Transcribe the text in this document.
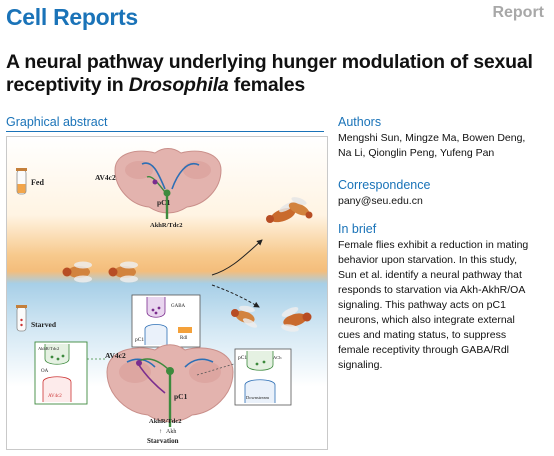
Cell Reports	Report
A neural pathway underlying hunger modulation of sexual receptivity in Drosophila females
Graphical abstract
Fed
AV4c2
pC1
AkhR/Tdc2
GABA
pC1	Rdl
Starved
AV4c2
pC1
AkhR/Tdc2
↑ Akh
Starvation
AkhR/Tdc2
OA
AV4c2
pC1	ACh
Downstream
Authors
Mengshi Sun, Mingze Ma, Bowen Deng,
Na Li, Qionglin Peng, Yufeng Pan
Correspondence
pany@seu.edu.cn
In brief
Female flies exhibit a reduction in mating
behavior upon starvation. In this study,
Sun et al. identify a neural pathway that
responds to starvation via Akh-AkhR/OA
signaling. This pathway acts on pC1
neurons, which also integrate external
cues and mating status, to suppress
female receptivity through GABA/Rdl
signaling.
